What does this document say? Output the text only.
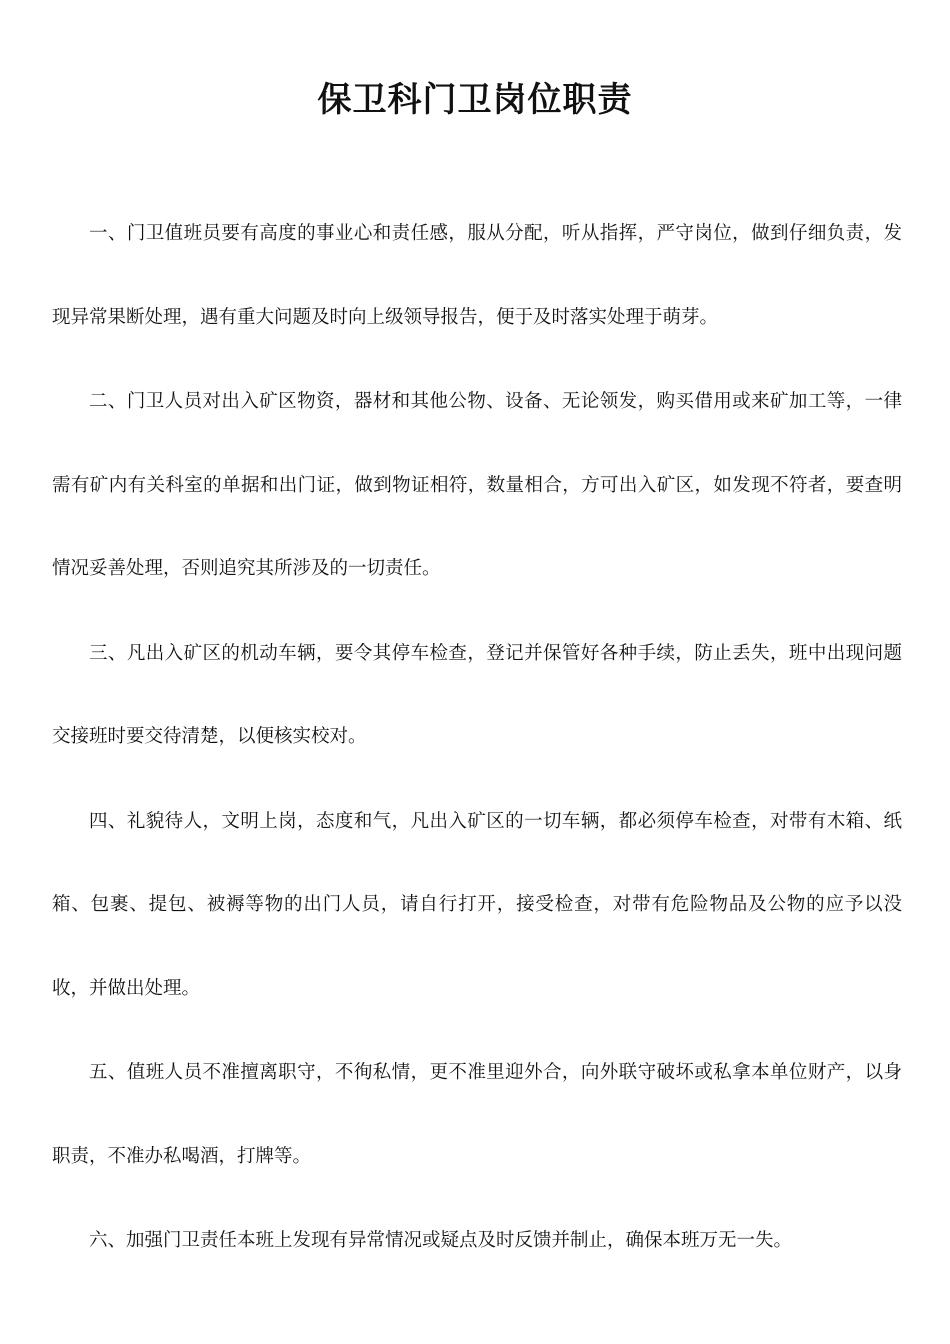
保卫科门卫岗位职责

一、门卫值班员要有高度的事业心和责任感，服从分配，听从指挥，严守岗位，做到仔细负责，发现异常果断处理，遇有重大问题及时向上级领导报告，便于及时落实处理于萌芽。

二、门卫人员对出入矿区物资，器材和其他公物、设备、无论领发，购买借用或来矿加工等，一律需有矿内有关科室的单据和出门证，做到物证相符，数量相合，方可出入矿区，如发现不符者，要查明情况妥善处理，否则追究其所涉及的一切责任。

三、凡出入矿区的机动车辆，要令其停车检查，登记并保管好各种手续，防止丢失，班中出现问题交接班时要交待清楚，以便核实校对。

四、礼貌待人，文明上岗，态度和气，凡出入矿区的一切车辆，都必须停车检查，对带有木箱、纸箱、包裹、提包、被褥等物的出门人员，请自行打开，接受检查，对带有危险物品及公物的应予以没收，并做出处理。

五、值班人员不准擅离职守，不徇私情，更不准里迎外合，向外联守破坏或私拿本单位财产，以身职责，不准办私喝酒，打牌等。

六、加强门卫责任本班上发现有异常情况或疑点及时反馈并制止，确保本班万无一失。
